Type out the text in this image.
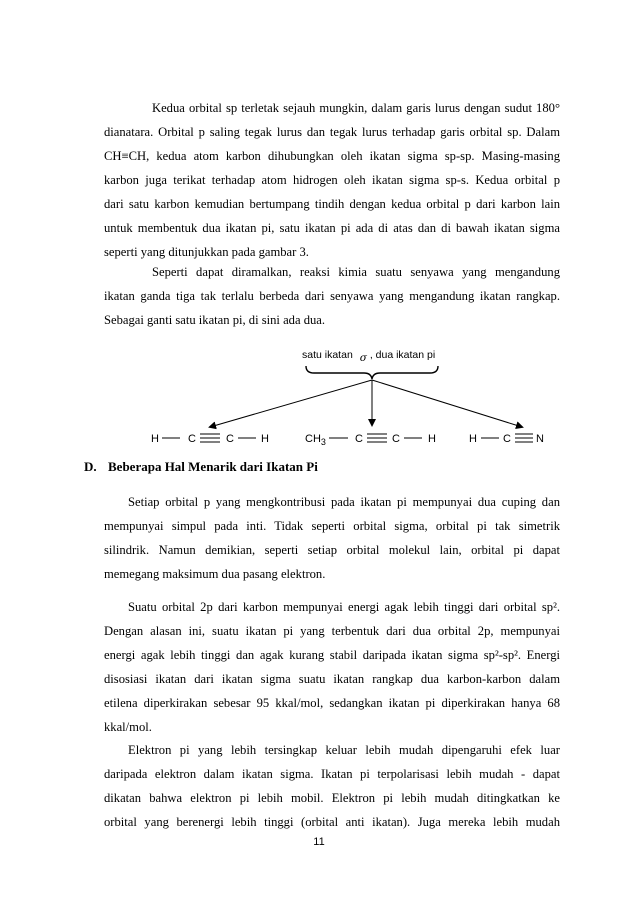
Kedua orbital sp terletak sejauh mungkin, dalam garis lurus dengan sudut 180°
dianatara. Orbital p saling tegak lurus dan tegak lurus terhadap garis orbital sp. Dalam
CH≡CH, kedua atom karbon dihubungkan oleh ikatan sigma sp-sp. Masing-masing
karbon juga terikat terhadap atom hidrogen oleh ikatan sigma sp-s. Kedua orbital p
dari satu karbon kemudian bertumpang tindih dengan kedua orbital p dari karbon lain
untuk membentuk dua ikatan pi, satu ikatan pi ada di atas dan di bawah ikatan sigma
seperti yang ditunjukkan pada gambar 3.
Seperti dapat diramalkan, reaksi kimia suatu senyawa yang mengandung
ikatan ganda tiga tak terlalu berbeda dari senyawa yang mengandung ikatan rangkap.
Sebagai ganti satu ikatan pi, di sini ada dua.
satu ikatan σ , dua ikatan pi
H	C	C H	$CH_3$	C	C	H	H C N
D. Beberapa Hal Menarik dari Ikatan Pi
Setiap orbital p yang mengkontribusi pada ikatan pi mempunyai dua cuping dan
mempunyai simpul pada inti. Tidak seperti orbital sigma, orbital pi tak simetrik
silindrik. Namun demikian, seperti setiap orbital molekul lain, orbital pi dapat
memegang maksimum dua pasang elektron.
Suatu orbital 2p dari karbon mempunyai energi agak lebih tinggi dari orbital sp².
Dengan alasan ini, suatu ikatan pi yang terbentuk dari dua orbital 2p, mempunyai
energi agak lebih tinggi dan agak kurang stabil daripada ikatan sigma sp²-sp². Energi
disosiasi ikatan dari ikatan sigma suatu ikatan rangkap dua karbon-karbon dalam
etilena diperkirakan sebesar 95 kkal/mol, sedangkan ikatan pi diperkirakan hanya 68
kkal/mol.
Elektron pi yang lebih tersingkap keluar lebih mudah dipengaruhi efek luar
daripada elektron dalam ikatan sigma. Ikatan pi terpolarisasi lebih mudah - dapat
dikatan bahwa elektron pi lebih mobil. Elektron pi lebih mudah ditingkatkan ke
orbital yang berenergi lebih tinggi (orbital anti ikatan). Juga mereka lebih mudah
11
